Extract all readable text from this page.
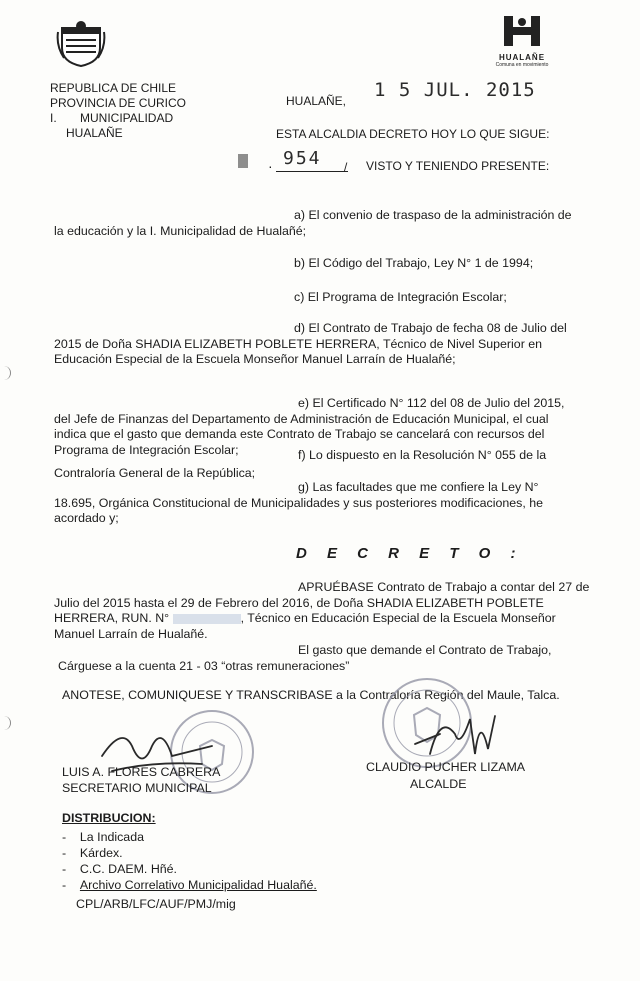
HUALAÑE
Comuna en movimiento
REPUBLICA DE CHILE
PROVINCIA DE CURICO
I.       MUNICIPALIDAD
HUALAÑE
HUALAÑE, 1 5 JUL. 2015
ESTA ALCALDIA DECRETO HOY LO QUE SIGUE:
· 954 / VISTO Y TENIENDO PRESENTE:
a) El convenio de traspaso de la administración de
la educación y la I. Municipalidad de Hualañé;
b) El Código del Trabajo, Ley N° 1 de 1994;
c) El Programa de Integración Escolar;
d) El Contrato de Trabajo de fecha 08 de Julio del
2015 de Doña SHADIA ELIZABETH POBLETE HERRERA, Técnico de Nivel Superior en
Educación Especial de la Escuela Monseñor Manuel Larraín de Hualañé;
e) El Certificado N° 112 del 08 de Julio del 2015,
del Jefe de Finanzas del Departamento de Administración de Educación Municipal, el cual
indica que el gasto que demanda este Contrato de Trabajo se cancelará con recursos del
Programa de Integración Escolar;	f) Lo dispuesto en la Resolución N° 055 de la
Contraloría General de la República;
g) Las facultades que me confiere la Ley N°
18.695, Orgánica Constitucional de Municipalidades y sus posteriores modificaciones, he
acordado y;
D E C R E T O :
APRUÉBASE Contrato de Trabajo a contar del 27 de
Julio del 2015 hasta el 29 de Febrero del 2016, de Doña SHADIA ELIZABETH POBLETE
HERRERA, RUN. N°	, Técnico en Educación Especial de la Escuela Monseñor
Manuel Larraín de Hualañé.
El gasto que demande el Contrato de Trabajo,
Cárguese a la cuenta 21 - 03 “otras remuneraciones”
ANOTESE, COMUNIQUESE Y TRANSCRIBASE a la Contraloría Región del Maule, Talca.
LUIS A. FLORES CABRERA
SECRETARIO MUNICIPAL
CLAUDIO PUCHER LIZAMA
ALCALDE
DISTRIBUCION:
-    La Indicada
-    Kárdex.
-    C.C. DAEM. Hñé.
-    Archivo Correlativo Municipalidad Hualañé.
CPL/ARB/LFC/AUF/PMJ/mig
